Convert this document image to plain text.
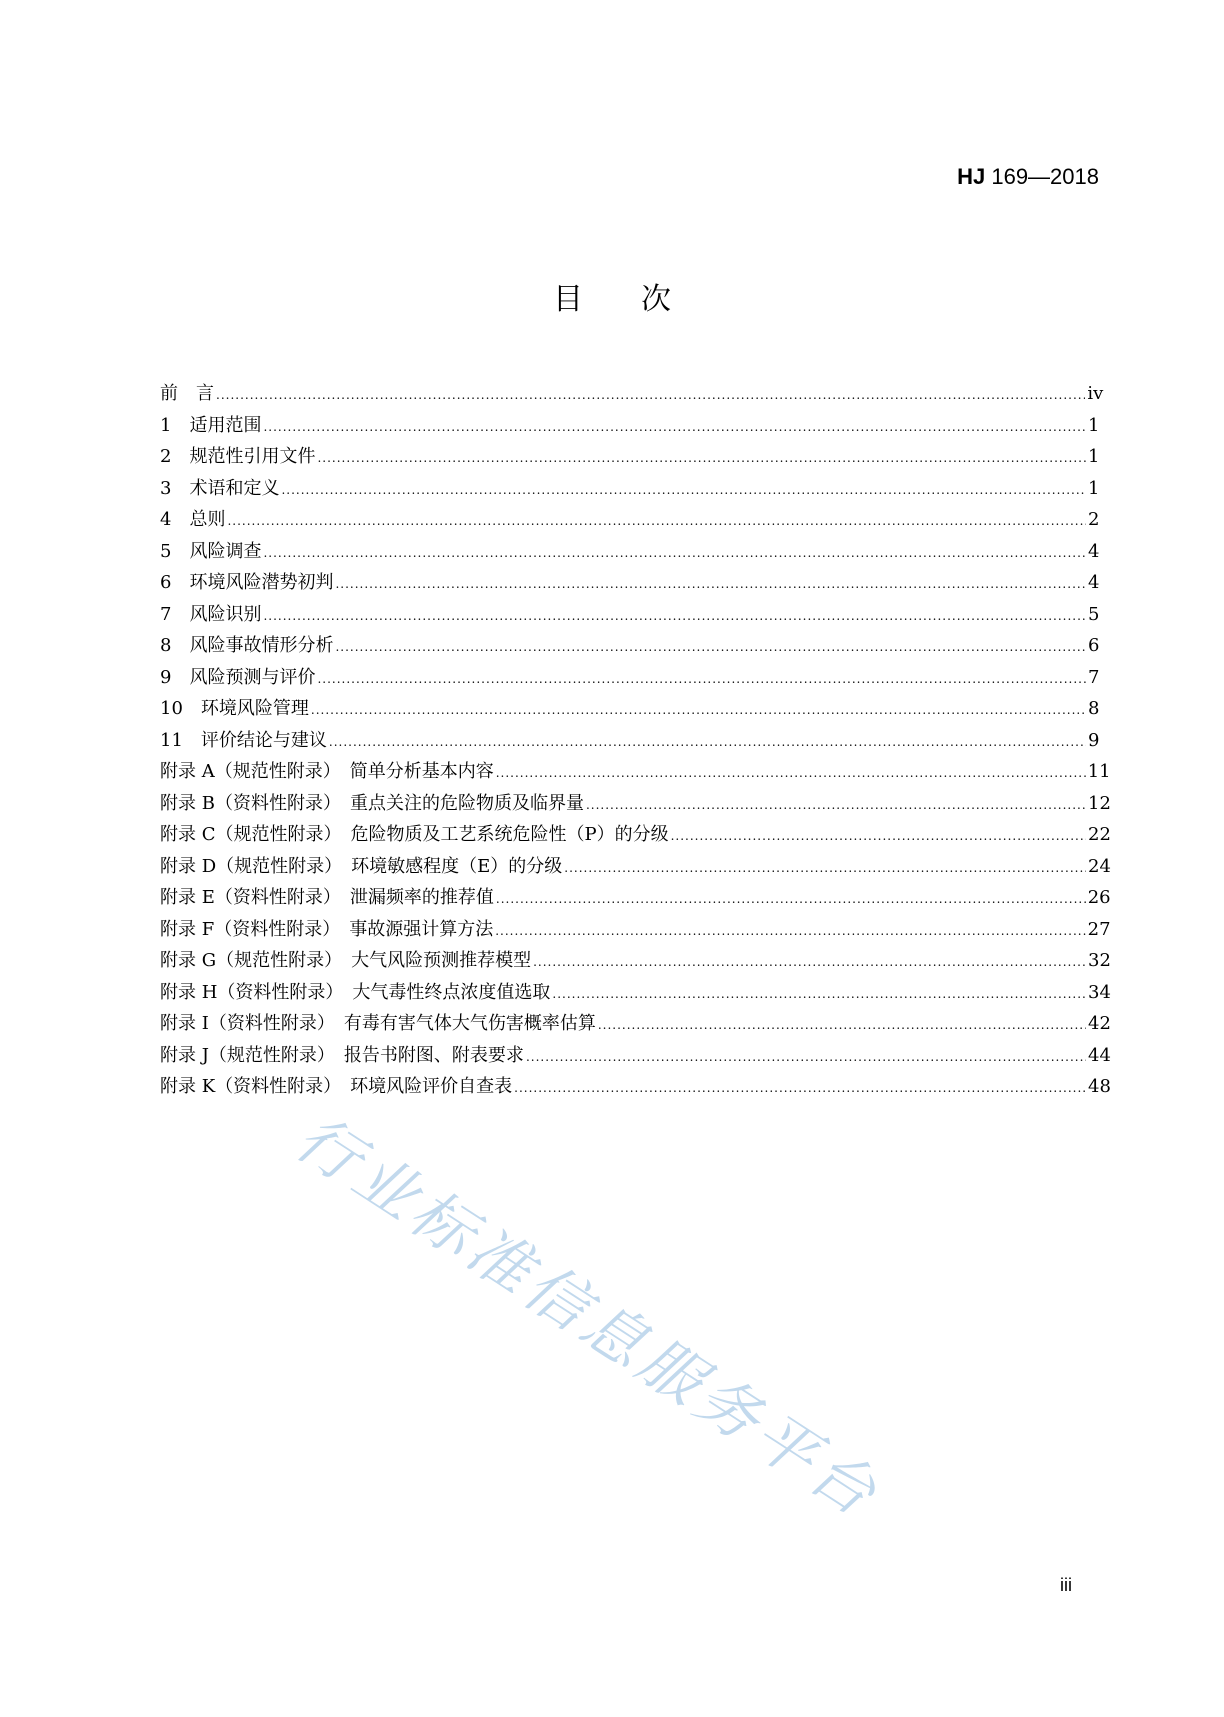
HJ 169—2018
目次
前　言 .....	iv
1　适用范围 .....	1
2　规范性引用文件 .....	1
3　术语和定义 .....	1
4　总则 .....	2
5　风险调查 .....	4
6　环境风险潜势初判 .....	4
7　风险识别 .....	5
8　风险事故情形分析 .....	6
9　风险预测与评价 .....	7
10　环境风险管理 .....	8
11　评价结论与建议 .....	9
附录 A（规范性附录）　简单分析基本内容 .....	11
附录 B（资料性附录）　重点关注的危险物质及临界量 .....	12
附录 C（规范性附录）　危险物质及工艺系统危险性（P）的分级 .....	22
附录 D（规范性附录）　环境敏感程度（E）的分级 .....	24
附录 E（资料性附录）　泄漏频率的推荐值 .....	26
附录 F（资料性附录）　事故源强计算方法 .....	27
附录 G（规范性附录）　大气风险预测推荐模型 .....	32
附录 H（资料性附录）　大气毒性终点浓度值选取 .....	34
附录 I（资料性附录）　有毒有害气体大气伤害概率估算 .....	42
附录 J（规范性附录）　报告书附图、附表要求 .....	44
附录 K（资料性附录）　环境风险评价自查表 .....	48
行业标准信息服务平台
iii
